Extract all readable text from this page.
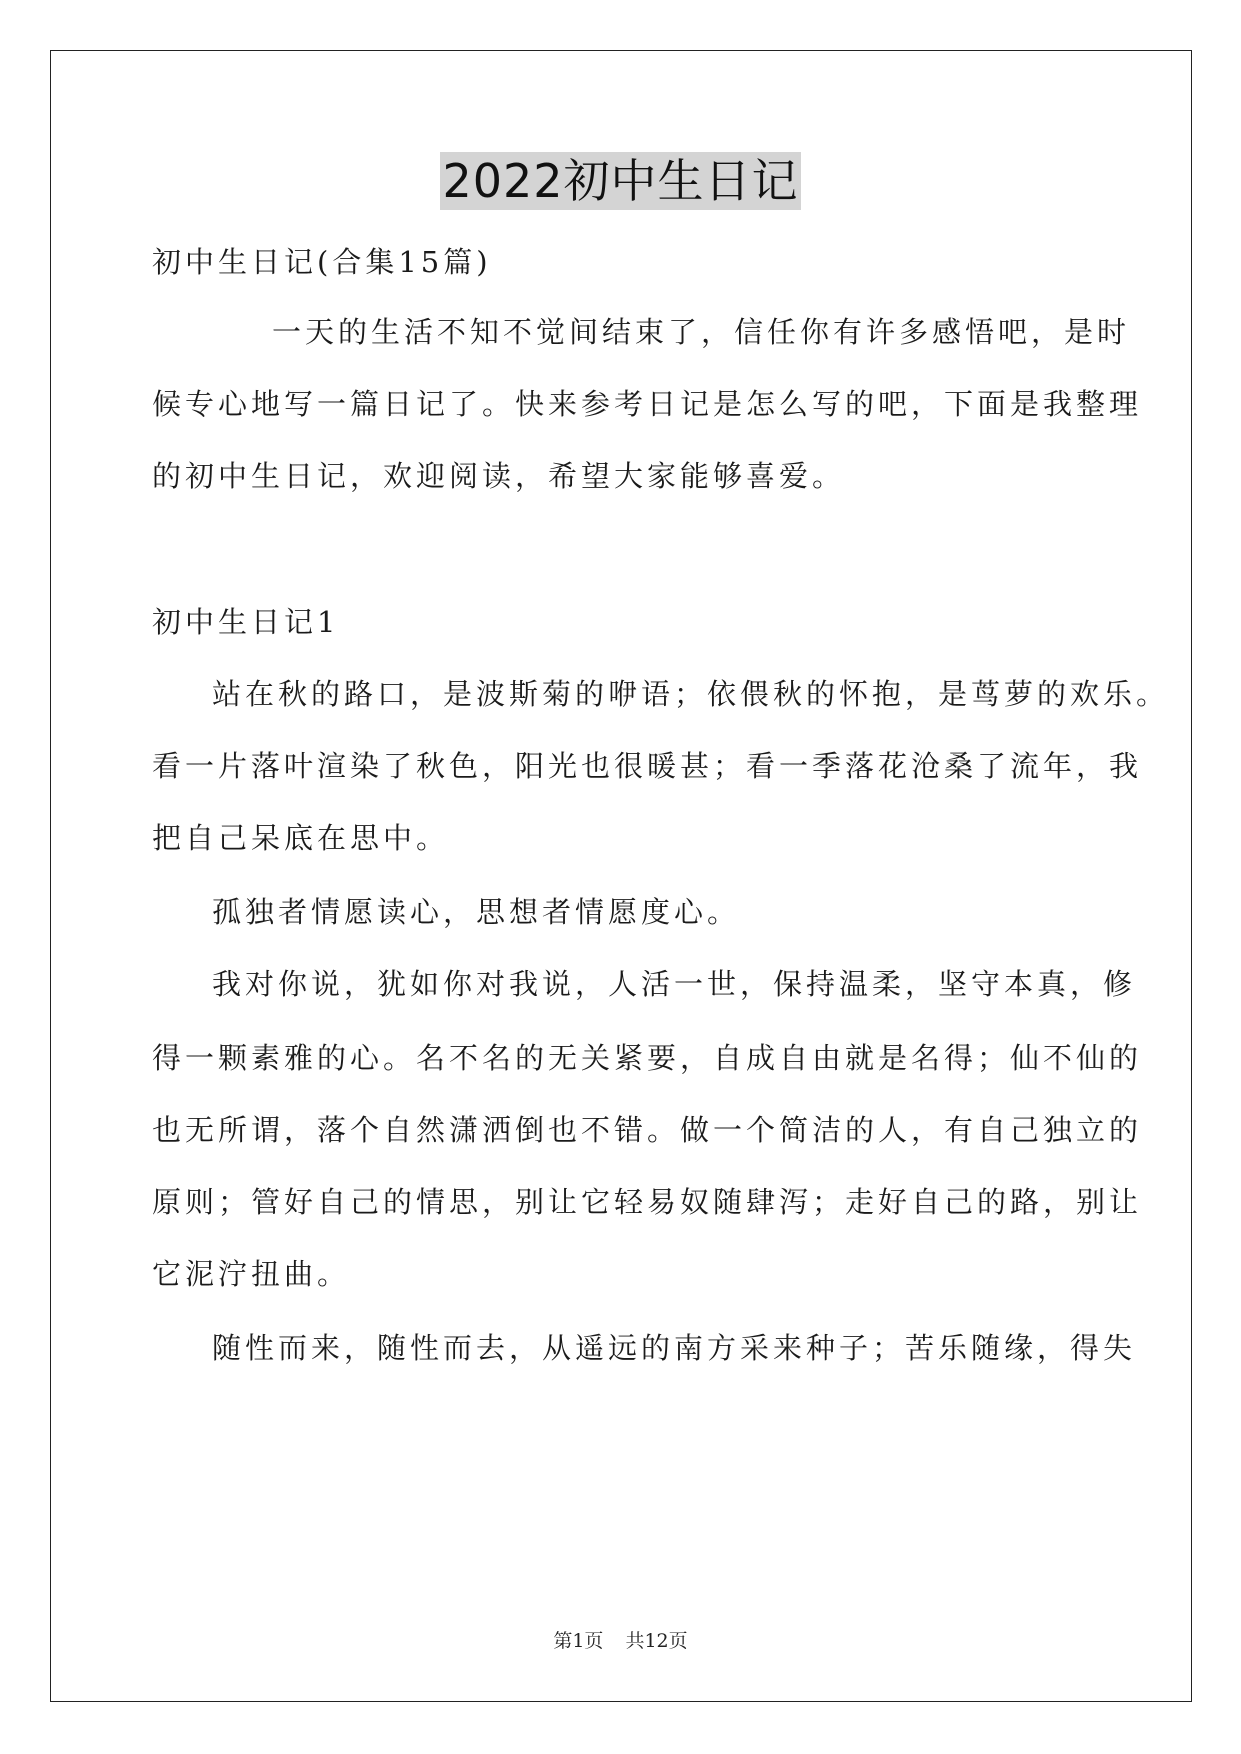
2022初中生日记
初中生日记(合集15篇)
一天的生活不知不觉间结束了，信任你有许多感悟吧，是时
候专心地写一篇日记了。快来参考日记是怎么写的吧，下面是我整理
的初中生日记，欢迎阅读，希望大家能够喜爱。
初中生日记1
站在秋的路口，是波斯菊的咿语；依偎秋的怀抱，是茑萝的欢乐。
看一片落叶渲染了秋色，阳光也很暖甚；看一季落花沧桑了流年，我
把自己呆底在思中。
孤独者情愿读心，思想者情愿度心。
我对你说，犹如你对我说，人活一世，保持温柔，坚守本真，修
得一颗素雅的心。名不名的无关紧要，自成自由就是名得；仙不仙的
也无所谓，落个自然潇洒倒也不错。做一个简洁的人，有自己独立的
原则；管好自己的情思，别让它轻易奴随肆泻；走好自己的路，别让
它泥泞扭曲。
随性而来，随性而去，从遥远的南方采来种子；苦乐随缘，得失
第1页 共12页
